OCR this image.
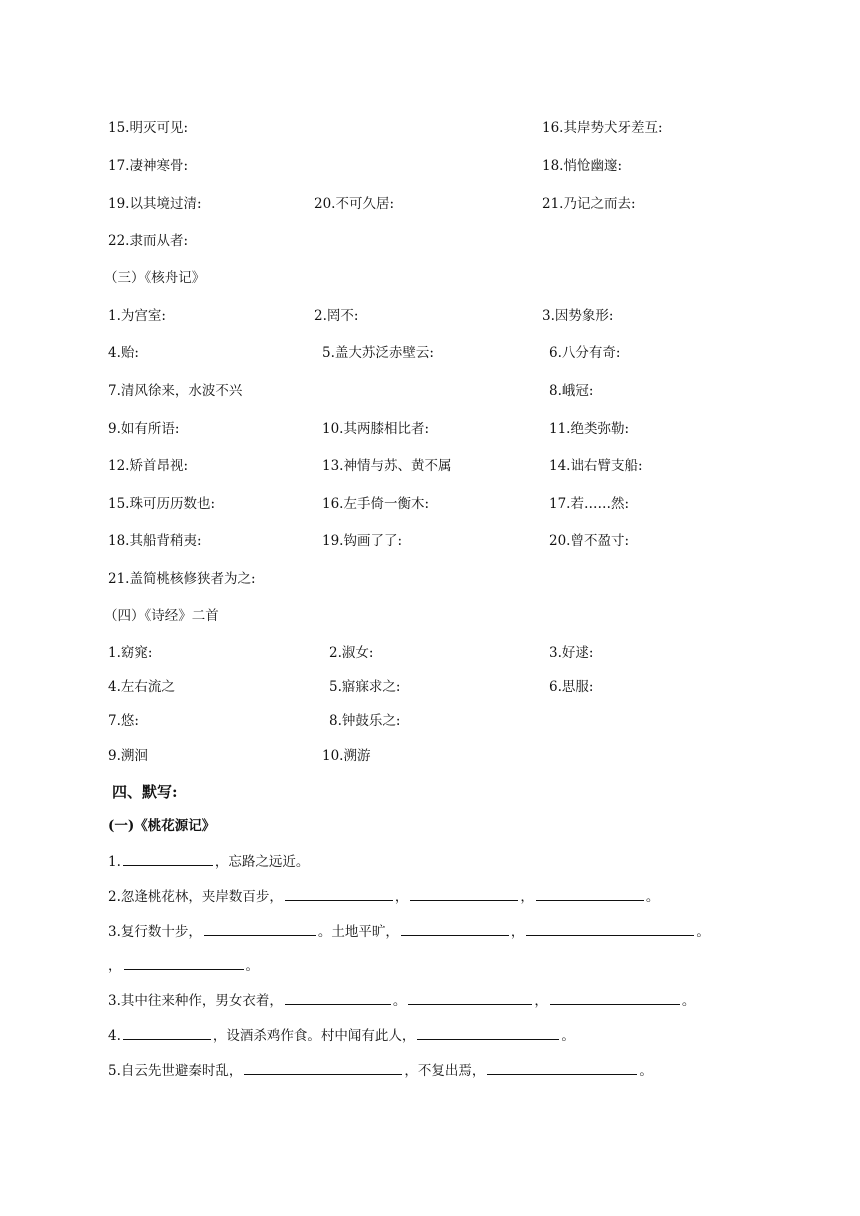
15.明灭可见:	16.其岸势犬牙差互:
17.凄神寒骨:	18.悄怆幽邃:
19.以其境过清:	20.不可久居:	21.乃记之而去:
22.隶而从者:
（三）《核舟记》
1.为宫室:	2.罔不:	3.因势象形:
4.贻:	5.盖大苏泛赤壁云:	6.八分有奇:
7.清风徐来，水波不兴	8.峨冠:
9.如有所语:	10.其两膝相比者:	11.绝类弥勒:
12.矫首昂视:	13.神情与苏、黄不属	14.诎右臂支船:
15.珠可历历数也:	16.左手倚一衡木:	17.若……然:
18.其船背稍夷:	19.钩画了了:	20.曾不盈寸:
21.盖简桃核修狭者为之:
（四）《诗经》二首
1.窈窕:	2.淑女:	3.好逑:
4.左右流之	5.寤寐求之:	6.思服:
7.悠:	8.钟鼓乐之:
9.溯洄	10.溯游
四、默写:
(一)《桃花源记》
1.	，忘路之远近。
2.忽逢桃花林，夹岸数百步，	，	，	。
3.复行数十步，	。土地平旷，	，	。
，	。
3.其中往来种作，男女衣着，	。	，	。
4.	，设酒杀鸡作食。村中闻有此人，	。
5.自云先世避秦时乱，	，不复出焉，	。
